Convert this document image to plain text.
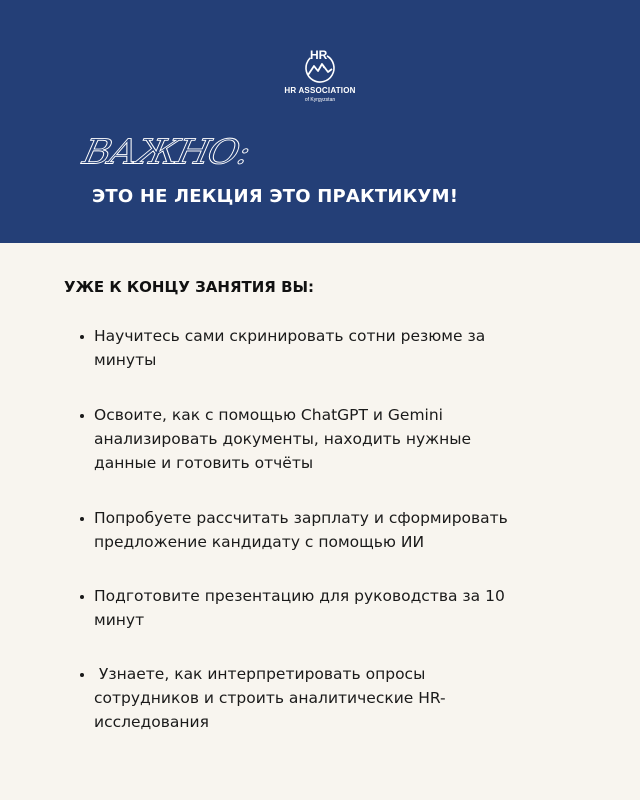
HR
HR ASSOCIATION
of Kyrgyzstan
ВАЖНО:
ЭТО НЕ ЛЕКЦИЯ ЭТО ПРАКТИКУМ!
УЖЕ К КОНЦУ ЗАНЯТИЯ ВЫ:
Научитесь сами скринировать сотни резюме за
минуты
Освоите, как с помощью ChatGPT и Gemini
анализировать документы, находить нужные
данные и готовить отчёты
Попробуете рассчитать зарплату и сформировать
предложение кандидату с помощью ИИ
Подготовите презентацию для руководства за 10
минут
Узнаете, как интерпретировать опросы
сотрудников и строить аналитические HR-
исследования
